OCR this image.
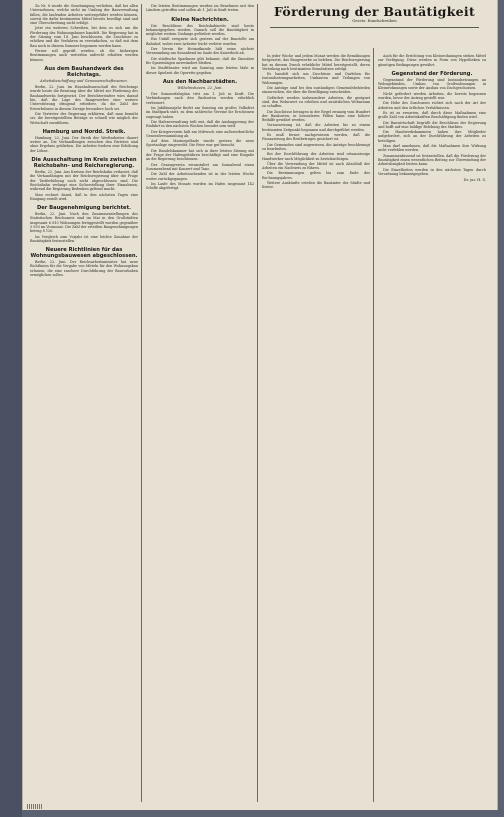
Zu Nr. 8 wurde die Genehmigung verliehen, daß bei allen Unternehmen, welche nicht im Umfang der Bauverwaltung fallen, die laufenden Arbeiten weitergeführt werden können, soweit die dafür bestimmten Mittel bereits bewilligt sind und eine Überschreitung nicht erfolgt.

Jetzt ein weiteres Schreiben, bei dem es sich um die Förderung des Wohnungsbaues handelt. Die Regierung hat in der Sitzung vom 18. Juni beschlossen, die Zuschüsse zu erhöhen und die Verfahren zu vereinfachen, so daß mit dem Bau noch in diesem Sommer begonnen werden kann.

Ferner soll geprüft werden, ob die bisherigen Bestimmungen auch weiterhin aufrecht erhalten werden können.

Aus dem Bauhandwerk des Reichstags.
Arbeitsbeschaffung und Genossenschaftswesen.

Berlin, 22. Juni. Im Haushaltsausschuß des Reichstags wurde heute die Beratung über die Mittel zur Förderung des Bauhandwerks fortgesetzt. Der Berichterstatter wies darauf hin, daß die Lage des Baugewerbes eine weitere Unterstützung dringend erfordere, da die Zahl der Erwerbslosen in diesem Zweige besonders hoch sei.

Die Vertreter der Regierung erklärten, daß man bemüht sei, die bereitgestellten Beträge so schnell wie möglich der Wirtschaft zuzuführen.

Hamburg und Nordd. Streik.

Hamburg, 22. Juni. Der Streik der Werftarbeiter dauert weiter an. Die Verhandlungen zwischen den Parteien sind ohne Ergebnis geblieben. Die Arbeiter fordern eine Erhöhung der Löhne.

Die Ausschaltung im Kreis zwischen Reichsbahn- und Reichsregierung.

Berlin, 22. Juni. Aus Kreisen der Reichsbahn verlautet, daß die Verhandlungen mit der Reichsregierung über die Frage der Tariferhöhung noch nicht abgeschlossen sind. Die Reichsbahn verlangt eine Sicherstellung ihrer Einnahmen, während die Regierung Bedenken geltend macht.

Man rechnet damit, daß in den nächsten Tagen eine Einigung erzielt wird.

Der Baugenehmigung berichtet.

Berlin, 22. Juni. Nach den Zusammenstellungen des Statistischen Reichsamts sind im Mai in den Großstädten insgesamt 6 810 Wohnungen fertiggestellt worden gegenüber 5 930 im Vormonat. Die Zahl der erteilten Baugenehmigungen betrug 8 120.

Im Vergleich zum Vorjahr ist eine leichte Zunahme der Bautätigkeit festzustellen.

Neuere Richtlinien für das Wohnungsbauwesen abgeschlossen.

Berlin, 22. Juni. Der Reichsarbeitsminister hat neue Richtlinien für die Vergabe von Mitteln für den Wohnungsbau erlassen, die eine raschere Durchführung der Bauvorhaben ermöglichen sollen.

Die letzten Bestimmungen wurden im Benehmen mit den Ländern getroffen und sollen ab 1. Juli in Kraft treten.

Kleine Nachrichten.

Die Beschlüsse des Reichskabinetts sind heute bekanntgegeben worden. Danach soll die Bautätigkeit in möglichst weitem Umfange gefördert werden.

Ein Unfall ereignete sich gestern auf der Baustelle am Bahnhof, wobei zwei Arbeiter leicht verletzt wurden.

Der Verein für Heimatkunde hält seine nächste Versammlung am Sonnabend im Saale des Kaiserhofs ab.

Die städtische Sparkasse gibt bekannt, daß die Zinssätze für Spareinlagen unverändert bleiben.

Im Stadttheater wird am Sonntag zum letzten Male in dieser Spielzeit die Operette gegeben.

Aus den Nachbarstädten.
Wilhelmshaven, 22. Juni.

Der Sommerfahrplan tritt am 1. Juli in Kraft. Die Verbindungen nach den Badeorten werden erheblich verbessert.

Im Jubiläumsjahr findet am Sonntag ein großes Volksfest im Stadtpark statt, zu dem zahlreiche Vereine ihr Erscheinen zugesagt haben.

Die Hafenverwaltung teilt mit, daß die Ausbaggerung der Einfahrt in den nächsten Wochen beendet sein wird.

Der Kriegerverein hält am Mittwoch eine außerordentliche Generalversammlung ab.

Auf dem Marinegelände wurde gestern die neue Sportanlage eingeweiht. Die Feier war gut besucht.

Die Handelskammer hat sich in ihrer letzten Sitzung mit der Frage der Hafengebühren beschäftigt und eine Eingabe an die Regierung beschlossen.

Der Gesangverein veranstaltet am Sonnabend einen Sommerabend mit Konzert und Tanz.

Die Zahl der Arbeitsuchenden ist in der letzten Woche weiter zurückgegangen.

Im Laufe des Monats wurden im Hafen insgesamt 142 Schiffe abgefertigt.

Förderung der Bautätigkeit
Gesetz. Rundschreiben

In jeder Woche und jedem Monat werden die Bemühungen fortgesetzt, das Baugewerbe zu beleben. Die Reichsregierung hat zu diesem Zweck erhebliche Mittel bereitgestellt, deren Verteilung nach bestimmten Grundsätzen erfolgt.

Es handelt sich um Zuschüsse und Darlehen für Instandsetzungsarbeiten, Umbauten und Teilungen von Wohnungen.

Die Anträge sind bei den zuständigen Gemeindebehörden einzureichen, die über die Bewilligung entscheiden.

Gefördert werden insbesondere Arbeiten, die geeignet sind, den Wohnwert zu erhöhen und zusätzlichen Wohnraum zu schaffen.

Die Zuschüsse betragen in der Regel zwanzig vom Hundert der Baukosten; in besonderen Fällen kann eine höhere Beihilfe gewährt werden.

Voraussetzung ist, daß die Arbeiten bis zu einem bestimmten Zeitpunkt begonnen und durchgeführt werden.

Es muß ferner nachgewiesen werden, daß die Finanzierung des Restbetrages gesichert ist.

Die Gemeinden sind angewiesen, die Anträge beschleunigt zu bearbeiten.

Bei der Durchführung der Arbeiten sind ortsansässige Handwerker nach Möglichkeit zu berücksichtigen.

Über die Verwendung der Mittel ist nach Abschluß der Arbeiten ein Nachweis zu führen.

Die Bestimmungen gelten bis zum Ende des Rechnungsjahres.

Weitere Auskünfte erteilen die Bauämter der Städte und Kreise.

Auch für die Errichtung von Kleinwohnungen stehen Mittel zur Verfügung. Diese werden in Form von Hypotheken zu günstigen Bedingungen gewährt.

Gegenstand der Förderung.

Gegenstand der Förderung sind Instandsetzungen an Wohngebäuden, Umbau von Großwohnungen in Kleinwohnungen sowie der Ausbau von Dachgeschossen.

Nicht gefördert werden Arbeiten, die bereits begonnen wurden, bevor der Antrag gestellt war.

Die Höhe des Zuschusses richtet sich nach der Art der Arbeiten und den örtlichen Verhältnissen.

Es ist zu erwarten, daß durch diese Maßnahmen eine große Zahl von Arbeitskräften Beschäftigung finden wird.

Die Bauwirtschaft begrüßt die Beschlüsse der Regierung und hofft auf eine baldige Belebung des Marktes.

Die Handwerkskammern haben ihre Mitglieder aufgefordert, sich an der Durchführung der Arbeiten zu beteiligen.

Man darf annehmen, daß die Maßnahmen ihre Wirkung nicht verfehlen werden.

Zusammenfassend ist festzustellen, daß die Förderung der Bautätigkeit einen wesentlichen Beitrag zur Überwindung der Arbeitslosigkeit leisten kann.

Die Einzelheiten werden in den nächsten Tagen durch Verordnung bekanntgegeben.

Dr. jur. H. S.
